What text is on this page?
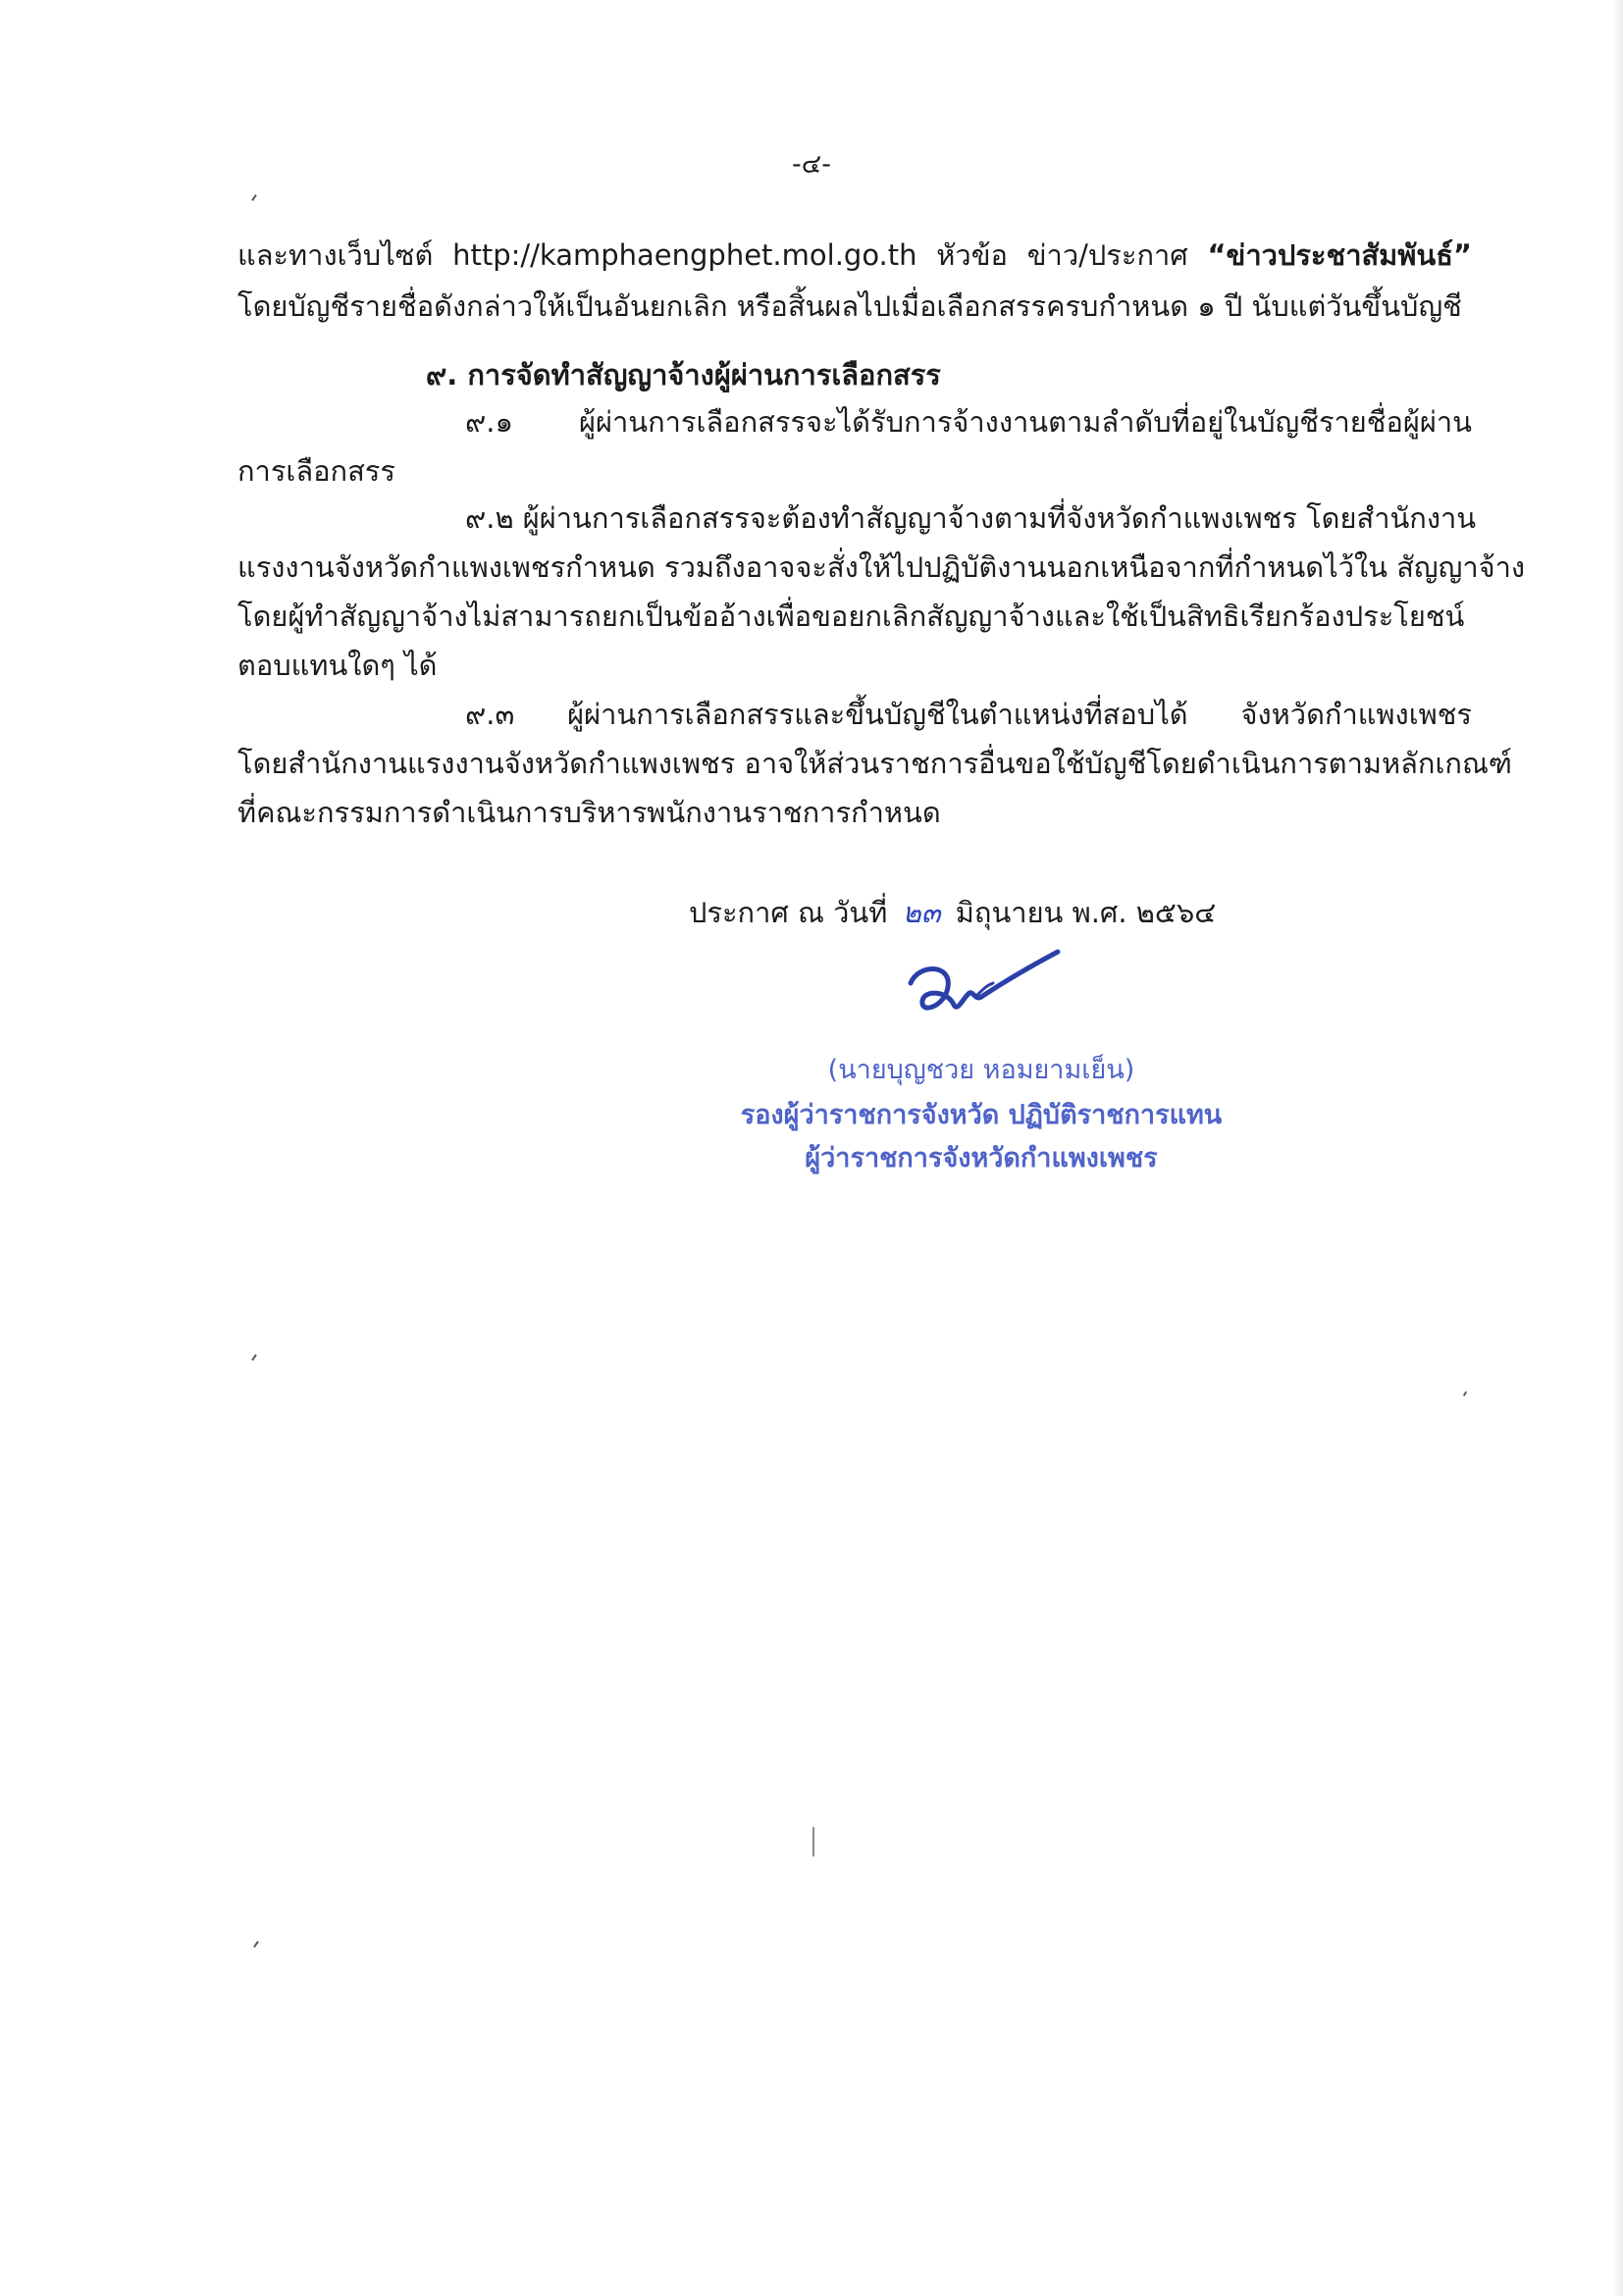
-๔-
และทางเว็บไซต์ http://kamphaengphet.mol.go.th หัวข้อ ข่าว/ประกาศ “ข่าวประชาสัมพันธ์”
โดยบัญชีรายชื่อดังกล่าวให้เป็นอันยกเลิก หรือสิ้นผลไปเมื่อเลือกสรรครบกำหนด ๑ ปี นับแต่วันขึ้นบัญชี
๙. การจัดทำสัญญาจ้างผู้ผ่านการเลือกสรร
๙.๑ ผู้ผ่านการเลือกสรรจะได้รับการจ้างงานตามลำดับที่อยู่ในบัญชีรายชื่อผู้ผ่าน
การเลือกสรร
๙.๒ ผู้ผ่านการเลือกสรรจะต้องทำสัญญาจ้างตามที่จังหวัดกำแพงเพชร โดยสำนักงาน
แรงงานจังหวัดกำแพงเพชรกำหนด รวมถึงอาจจะสั่งให้ไปปฏิบัติงานนอกเหนือจากที่กำหนดไว้ใน สัญญาจ้าง
โดยผู้ทำสัญญาจ้างไม่สามารถยกเป็นข้ออ้างเพื่อขอยกเลิกสัญญาจ้างและใช้เป็นสิทธิเรียกร้องประโยชน์
ตอบแทนใดๆ ได้
๙.๓ ผู้ผ่านการเลือกสรรและขึ้นบัญชีในตำแหน่งที่สอบได้ จังหวัดกำแพงเพชร
โดยสำนักงานแรงงานจังหวัดกำแพงเพชร อาจให้ส่วนราชการอื่นขอใช้บัญชีโดยดำเนินการตามหลักเกณฑ์
ที่คณะกรรมการดำเนินการบริหารพนักงานราชการกำหนด
ประกาศ ณ วันที่ ๒๓ มิถุนายน พ.ศ. ๒๕๖๔
(นายบุญชวย หอมยามเย็น)
รองผู้ว่าราชการจังหวัด ปฏิบัติราชการแทน
ผู้ว่าราชการจังหวัดกำแพงเพชร
